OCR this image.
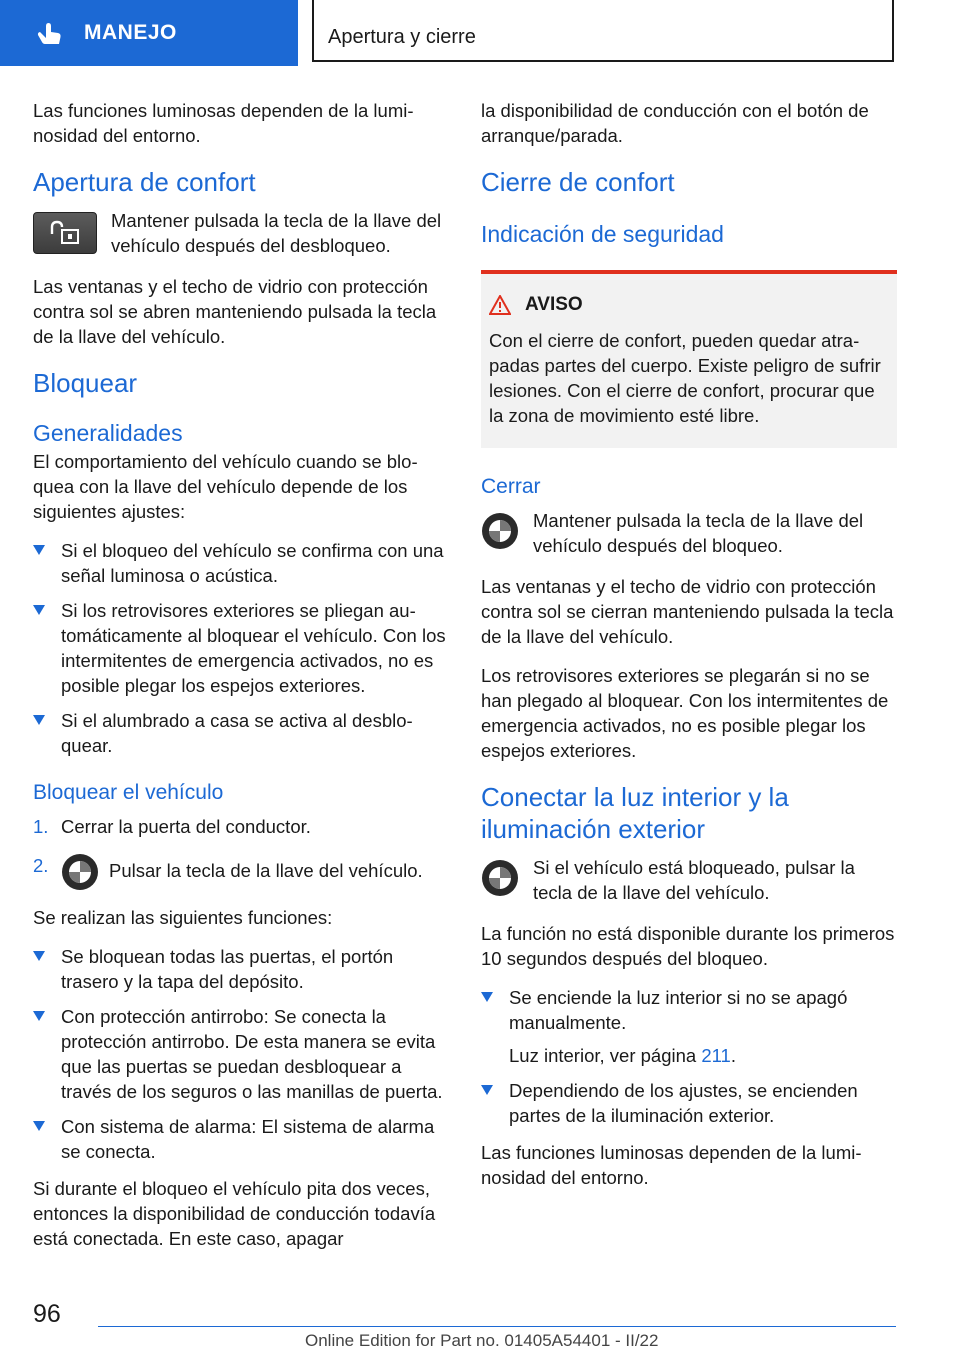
MANEJO	Apertura y cierre

Las funciones luminosas dependen de la luminosidad del entorno.

Apertura de confort

Mantener pulsada la tecla de la llave del vehículo después del desbloqueo.

Las ventanas y el techo de vidrio con protección contra sol se abren manteniendo pulsada la tecla de la llave del vehículo.

Bloquear
Generalidades

El comportamiento del vehículo cuando se bloquea con la llave del vehículo depende de los siguientes ajustes:

Si el bloqueo del vehículo se confirma con una señal luminosa o acústica.
Si los retrovisores exteriores se pliegan automáticamente al bloquear el vehículo. Con los intermitentes de emergencia activados, no es posible plegar los espejos exteriores.
Si el alumbrado a casa se activa al desbloquear.
Bloquear el vehículo
1. Cerrar la puerta del conductor.
2.	Pulsar la tecla de la llave del vehículo.

Se realizan las siguientes funciones:

Se bloquean todas las puertas, el portón trasero y la tapa del depósito.
Con protección antirrobo: Se conecta la protección antirrobo. De esta manera se evita que las puertas se puedan desbloquear a través de los seguros o las manillas de puerta.
Con sistema de alarma: El sistema de alarma se conecta.

Si durante el bloqueo el vehículo pita dos veces, entonces la disponibilidad de conducción todavía está conectada. En este caso, apagar

la disponibilidad de conducción con el botón de arranque/parada.

Cierre de confort
Indicación de seguridad
AVISO

Con el cierre de confort, pueden quedar atrapadas partes del cuerpo. Existe peligro de sufrir lesiones. Con el cierre de confort, procurar que la zona de movimiento esté libre.

Cerrar

Mantener pulsada la tecla de la llave del vehículo después del bloqueo.

Las ventanas y el techo de vidrio con protección contra sol se cierran manteniendo pulsada la tecla de la llave del vehículo.

Los retrovisores exteriores se plegarán si no se han plegado al bloquear. Con los intermitentes de emergencia activados, no es posible plegar los espejos exteriores.

Conectar la luz interior y la iluminación exterior

Si el vehículo está bloqueado, pulsar la tecla de la llave del vehículo.

La función no está disponible durante los primeros 10 segundos después del bloqueo.

Se enciende la luz interior si no se apagó manualmente.
Luz interior, ver página 211.
Dependiendo de los ajustes, se encienden partes de la iluminación exterior.

Las funciones luminosas dependen de la luminosidad del entorno.

96
Online Edition for Part no. 01405A54401 - II/22
